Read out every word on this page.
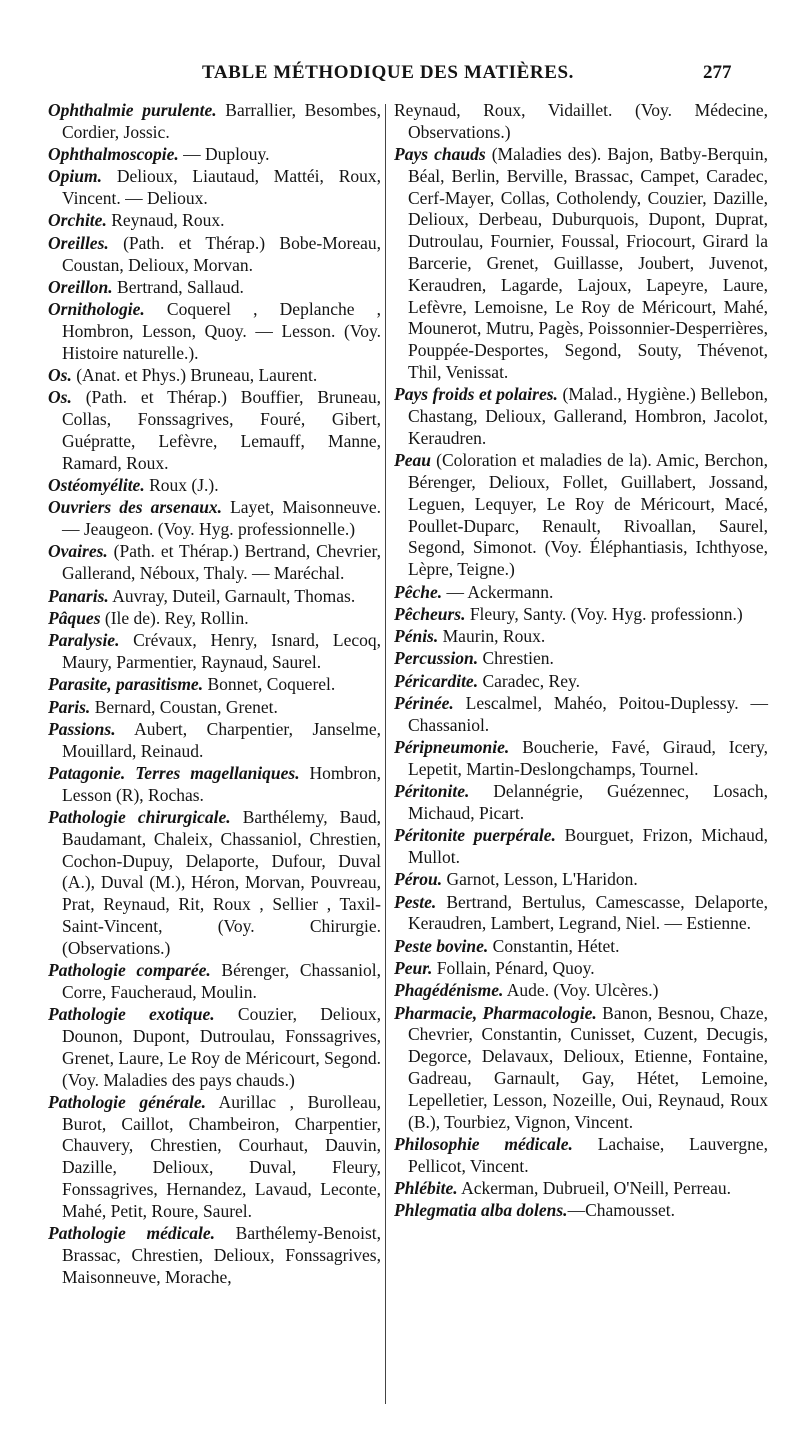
TABLE MÉTHODIQUE DES MATIÈRES.	277

Ophthalmie purulente. Barrallier, Besombes, Cordier, Jossic.

Ophthalmoscopie. — Duplouy.

Opium. Delioux, Liautaud, Mattéi, Roux, Vincent. — Delioux.

Orchite. Reynaud, Roux.

Oreilles. (Path. et Thérap.) Bobe-Moreau, Coustan, Delioux, Morvan.

Oreillon. Bertrand, Sallaud.

Ornithologie. Coquerel , Deplanche , Hombron, Lesson, Quoy. — Lesson. (Voy. Histoire naturelle.).

Os. (Anat. et Phys.) Bruneau, Laurent.

Os. (Path. et Thérap.) Bouffier, Bruneau, Collas, Fonssagrives, Fouré, Gibert, Guépratte, Lefèvre, Lemauff, Manne, Ramard, Roux.

Ostéomyélite. Roux (J.).

Ouvriers des arsenaux. Layet, Maisonneuve. — Jeaugeon. (Voy. Hyg. professionnelle.)

Ovaires. (Path. et Thérap.) Bertrand, Chevrier, Gallerand, Néboux, Thaly. — Maréchal.

Panaris. Auvray, Duteil, Garnault, Thomas.

Pâques (Ile de). Rey, Rollin.

Paralysie. Crévaux, Henry, Isnard, Lecoq, Maury, Parmentier, Raynaud, Saurel.

Parasite, parasitisme. Bonnet, Coquerel.

Paris. Bernard, Coustan, Grenet.

Passions. Aubert, Charpentier, Janselme, Mouillard, Reinaud.

Patagonie. Terres magellaniques. Hombron, Lesson (R), Rochas.

Pathologie chirurgicale. Barthélemy, Baud, Baudamant, Chaleix, Chassaniol, Chrestien, Cochon-Dupuy, Delaporte, Dufour, Duval (A.), Duval (M.), Héron, Morvan, Pouvreau, Prat, Reynaud, Rit, Roux , Sellier , Taxil-Saint-Vincent, (Voy. Chirurgie. (Observations.)

Pathologie comparée. Bérenger, Chassaniol, Corre, Faucheraud, Moulin.

Pathologie exotique. Couzier, Delioux, Dounon, Dupont, Dutroulau, Fonssagrives, Grenet, Laure, Le Roy de Méricourt, Segond. (Voy. Maladies des pays chauds.)

Pathologie générale. Aurillac , Burolleau, Burot, Caillot, Chambeiron, Charpentier, Chauvery, Chrestien, Courhaut, Dauvin, Dazille, Delioux, Duval, Fleury, Fonssagrives, Hernandez, Lavaud, Leconte, Mahé, Petit, Roure, Saurel.

Pathologie médicale. Barthélemy-Benoist, Brassac, Chrestien, Delioux, Fonssagrives, Maisonneuve, Morache,

Reynaud, Roux, Vidaillet. (Voy. Médecine, Observations.)

Pays chauds (Maladies des). Bajon, Batby-Berquin, Béal, Berlin, Berville, Brassac, Campet, Caradec, Cerf-Mayer, Collas, Cotholendy, Couzier, Dazille, Delioux, Derbeau, Duburquois, Dupont, Duprat, Dutroulau, Fournier, Foussal, Friocourt, Girard la Barcerie, Grenet, Guillasse, Joubert, Juvenot, Keraudren, Lagarde, Lajoux, Lapeyre, Laure, Lefèvre, Lemoisne, Le Roy de Méricourt, Mahé, Mounerot, Mutru, Pagès, Poissonnier-Desperrières, Pouppée-Desportes, Segond, Souty, Thévenot, Thil, Venissat.

Pays froids et polaires. (Malad., Hygiène.) Bellebon, Chastang, Delioux, Gallerand, Hombron, Jacolot, Keraudren.

Peau (Coloration et maladies de la). Amic, Berchon, Bérenger, Delioux, Follet, Guillabert, Jossand, Leguen, Lequyer, Le Roy de Méricourt, Macé, Poullet-Duparc, Renault, Rivoallan, Saurel, Segond, Simonot. (Voy. Éléphantiasis, Ichthyose, Lèpre, Teigne.)

Pêche. — Ackermann.

Pêcheurs. Fleury, Santy. (Voy. Hyg. professionn.)

Pénis. Maurin, Roux.

Percussion. Chrestien.

Péricardite. Caradec, Rey.

Périnée. Lescalmel, Mahéo, Poitou-Duplessy. — Chassaniol.

Péripneumonie. Boucherie, Favé, Giraud, Icery, Lepetit, Martin-Deslongchamps, Tournel.

Péritonite. Delannégrie, Guézennec, Losach, Michaud, Picart.

Péritonite puerpérale. Bourguet, Frizon, Michaud, Mullot.

Pérou. Garnot, Lesson, L'Haridon.

Peste. Bertrand, Bertulus, Camescasse, Delaporte, Keraudren, Lambert, Legrand, Niel. — Estienne.

Peste bovine. Constantin, Hétet.

Peur. Follain, Pénard, Quoy.

Phagédénisme. Aude. (Voy. Ulcères.)

Pharmacie, Pharmacologie. Banon, Besnou, Chaze, Chevrier, Constantin, Cunisset, Cuzent, Decugis, Degorce, Delavaux, Delioux, Etienne, Fontaine, Gadreau, Garnault, Gay, Hétet, Lemoine, Lepelletier, Lesson, Nozeille, Oui, Reynaud, Roux (B.), Tourbiez, Vignon, Vincent.

Philosophie médicale. Lachaise, Lauvergne, Pellicot, Vincent.

Phlébite. Ackerman, Dubrueil, O'Neill, Perreau.

Phlegmatia alba dolens.—Chamousset.
